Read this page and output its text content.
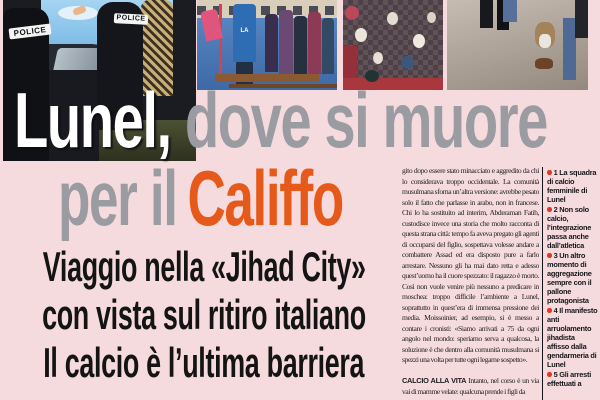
POLICE
POLICE
LA
Lunel, dove si muore
per il Califfo
Viaggio nella «Jihad City»
con vista sul ritiro italiano
Il calcio è l’ultima barriera

gito dopo essere stato minacciato e aggredito da chi lo considerava troppo occidentale. La comunità musulmana sforna un’altra versione: avrebbe pesato solo il fatto che parlasse in arabo, non in francese. Chi lo ha sostituito ad interim, Abderaman Fatih, custodisce invece una storia che molto racconta di questa strana città: tempo fa aveva pregato gli agenti di occuparsi del figlio, sospettava volesse andare a combattere Assad ed era disposto pure a farlo arrestare. Nessuno gli ha mai dato retta e adesso quest’uomo ha il cuore spezzato: il ragazzo è morto. Così non vuole venire più nessuno a predicare in moschea: troppo difficile l’ambiente a Lunel, soprattutto in quest’era di immensa pressione dei media. Moissoinier, ad esempio, si è messo a contare i cronisti: «Siamo arrivati a 75 da ogni angolo nel mondo: speriamo serva a qualcosa, la soluzione è che dentro alla comunità musulmana si spezzi una volta per tutte ogni legame sospetto».

CALCIO ALLA VITA Intanto, nel corso è un via vai di mamme velate: qualcuna prende i figli da

1 La squadra di calcio femminile di Lunel

2 Non solo calcio, l’integrazione passa anche dall’atletica

3 Un altro momento di aggregazione sempre con il pallone protagonista

4 Il manifesto anti arruolamento jihadista affisso dalla gendarmeria di Lunel

5 Gli arresti effettuati a
